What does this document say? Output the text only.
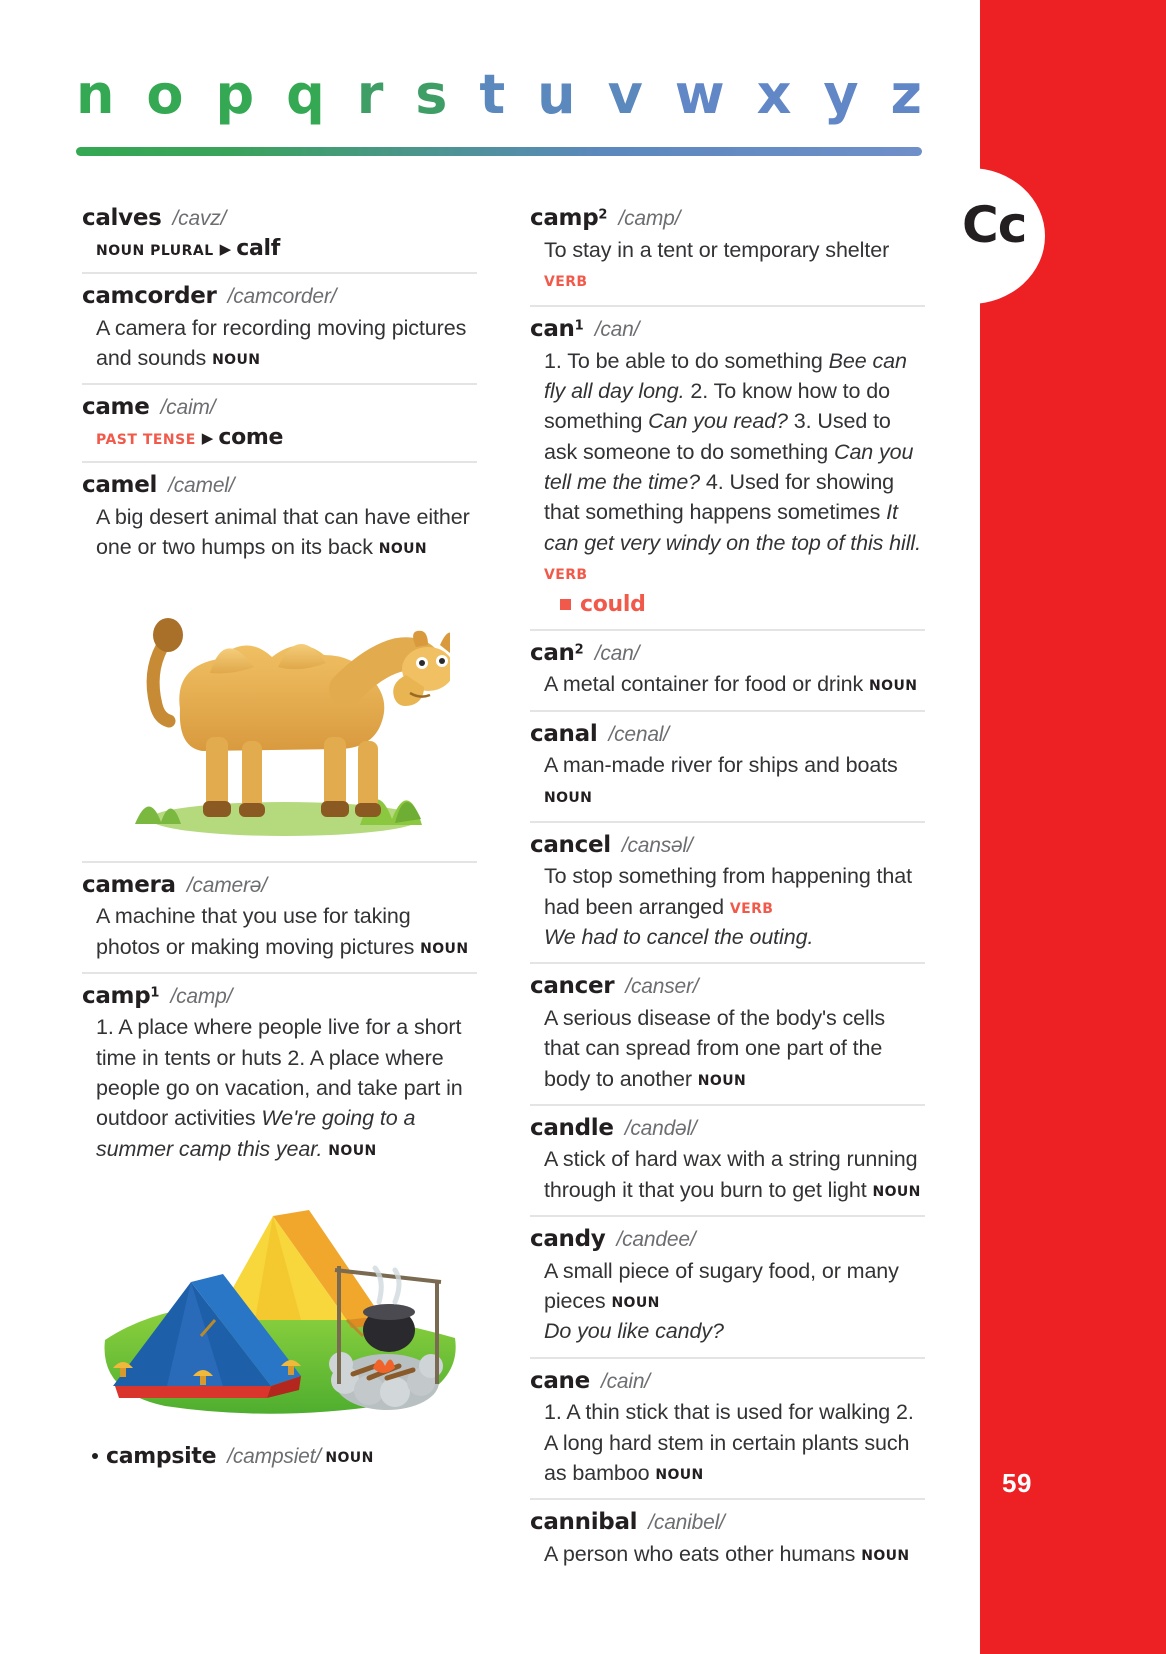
59
Cc
n o p q r s t u v w x y z
calves /cavz/
NOUN PLURAL ▶ calf
camcorder /camcorder/
A camera for recording moving pictures and sounds NOUN
came /caim/
PAST TENSE ▶ come
camel /camel/
A big desert animal that can have either one or two humps on its back NOUN
camera /camerə/
A machine that you use for taking photos or making moving pictures NOUN
camp$^1$ /camp/
1. A place where people live for a short time in tents or huts 2. A place where people go on vacation, and take part in outdoor activities We're going to a summer camp this year. NOUN
campsite /campsiet/ NOUN
camp$^2$ /camp/
To stay in a tent or temporary shelter VERB
can$^1$ /can/
1. To be able to do something Bee can fly all day long. 2. To know how to do something Can you read? 3. Used to ask someone to do something Can you tell me the time? 4. Used for showing that something happens sometimes It can get very windy on the top of this hill. VERB
could
can$^2$ /can/
A metal container for food or drink NOUN
canal /cenal/
A man-made river for ships and boats NOUN
cancel /cansəl/
To stop something from happening that had been arranged VERB
We had to cancel the outing.
cancer /canser/
A serious disease of the body's cells that can spread from one part of the body to another NOUN
candle /candəl/
A stick of hard wax with a string running through it that you burn to get light NOUN
candy /candee/
A small piece of sugary food, or many pieces NOUN
Do you like candy?
cane /cain/
1. A thin stick that is used for walking 2. A long hard stem in certain plants such as bamboo NOUN
cannibal /canibel/
A person who eats other humans NOUN
